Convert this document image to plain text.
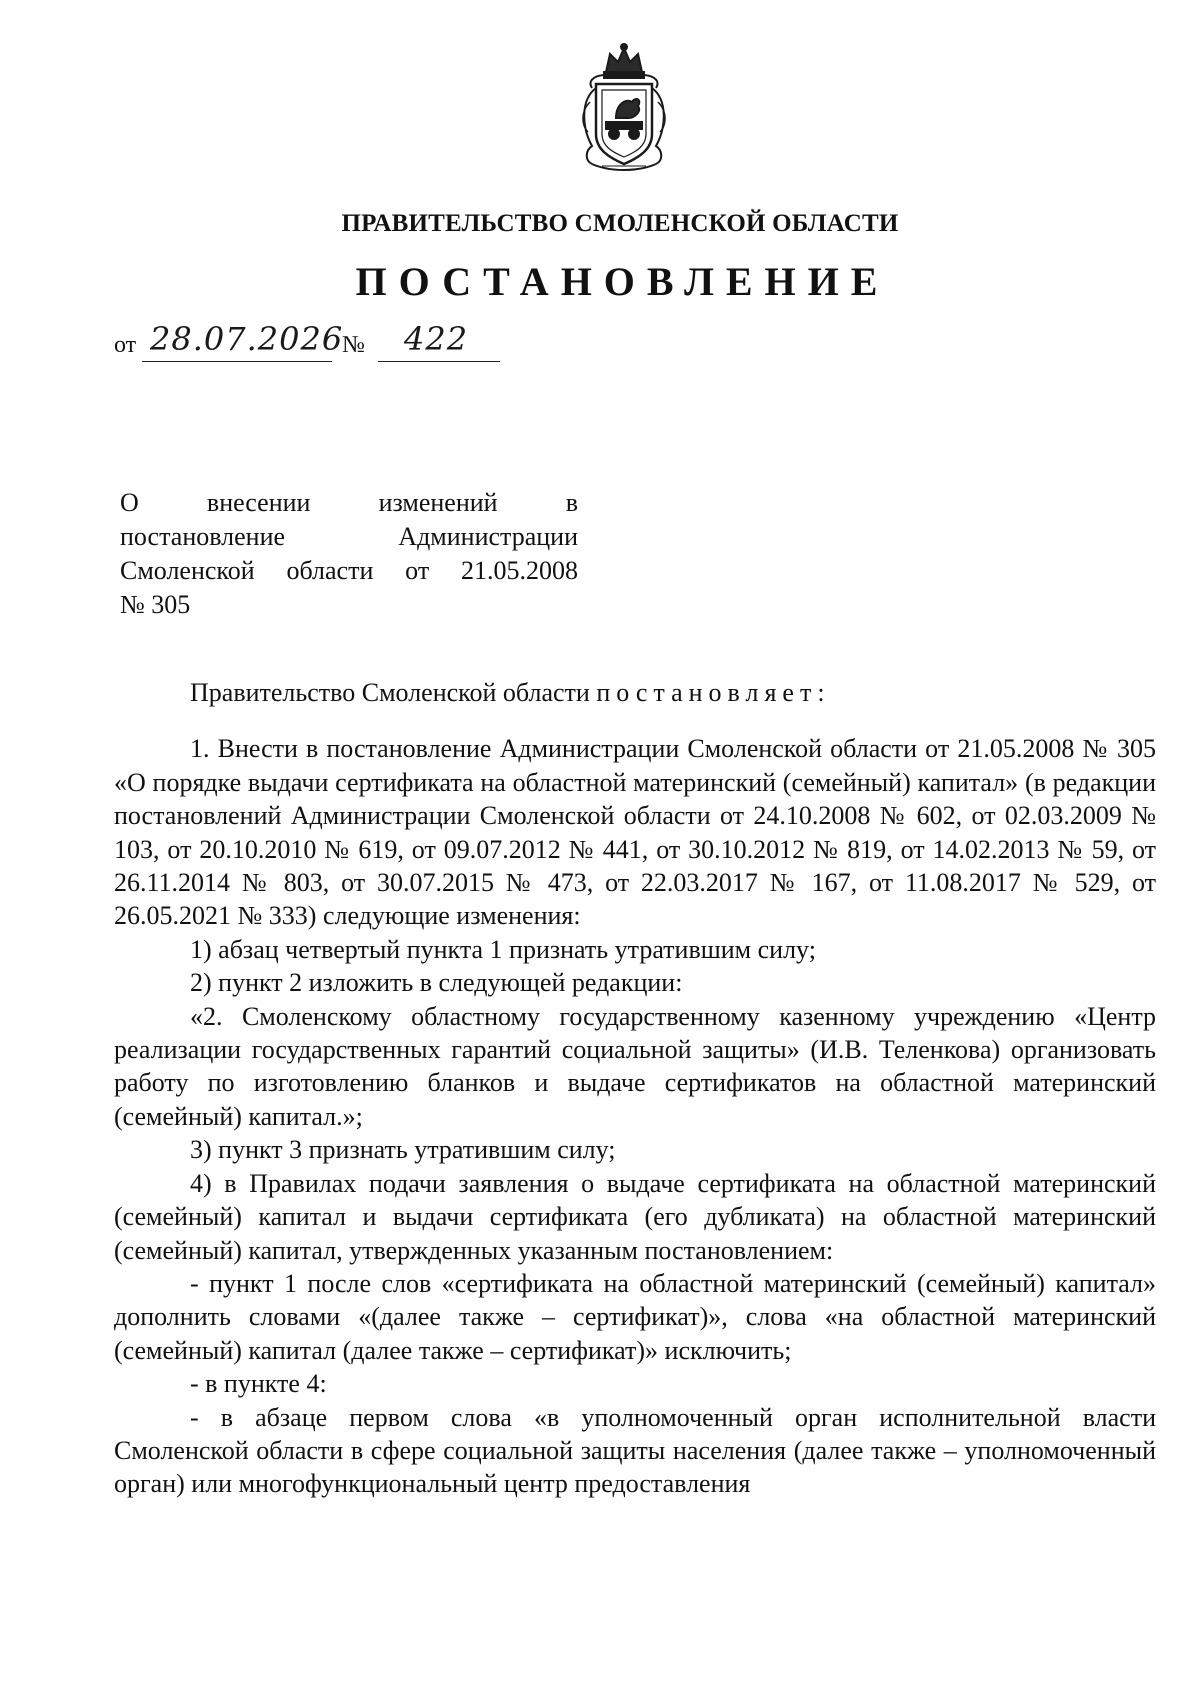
ПРАВИТЕЛЬСТВО СМОЛЕНСКОЙ ОБЛАСТИ
ПОСТАНОВЛЕНИЕ
от 28.07.2026
№ 422
О внесении изменений в
постановление Администрации
Смоленской области от 21.05.2008
№ 305

Правительство Смоленской области постановляет:

1. Внести в постановление Администрации Смоленской области от 21.05.2008 № 305 «О порядке выдачи сертификата на областной материнский (семейный) капитал» (в редакции постановлений Администрации Смоленской области от 24.10.2008 № 602, от 02.03.2009 № 103, от 20.10.2010 № 619, от 09.07.2012 № 441, от 30.10.2012 № 819, от 14.02.2013 № 59, от 26.11.2014 № 803, от 30.07.2015 № 473, от 22.03.2017 № 167, от 11.08.2017 № 529, от 26.05.2021 № 333) следующие изменения:

1) абзац четвертый пункта 1 признать утратившим силу;

2) пункт 2 изложить в следующей редакции:

«2. Смоленскому областному государственному казенному учреждению «Центр реализации государственных гарантий социальной защиты» (И.В. Теленкова) организовать работу по изготовлению бланков и выдаче сертификатов на областной материнский (семейный) капитал.»;

3) пункт 3 признать утратившим силу;

4) в Правилах подачи заявления о выдаче сертификата на областной материнский (семейный) капитал и выдачи сертификата (его дубликата) на областной материнский (семейный) капитал, утвержденных указанным постановлением:

- пункт 1 после слов «сертификата на областной материнский (семейный) капитал» дополнить словами «(далее также – сертификат)», слова «на областной материнский (семейный) капитал (далее также – сертификат)» исключить;

- в пункте 4:

- в абзаце первом слова «в уполномоченный орган исполнительной власти Смоленской области в сфере социальной защиты населения (далее также – уполномоченный орган) или многофункциональный центр предоставления
